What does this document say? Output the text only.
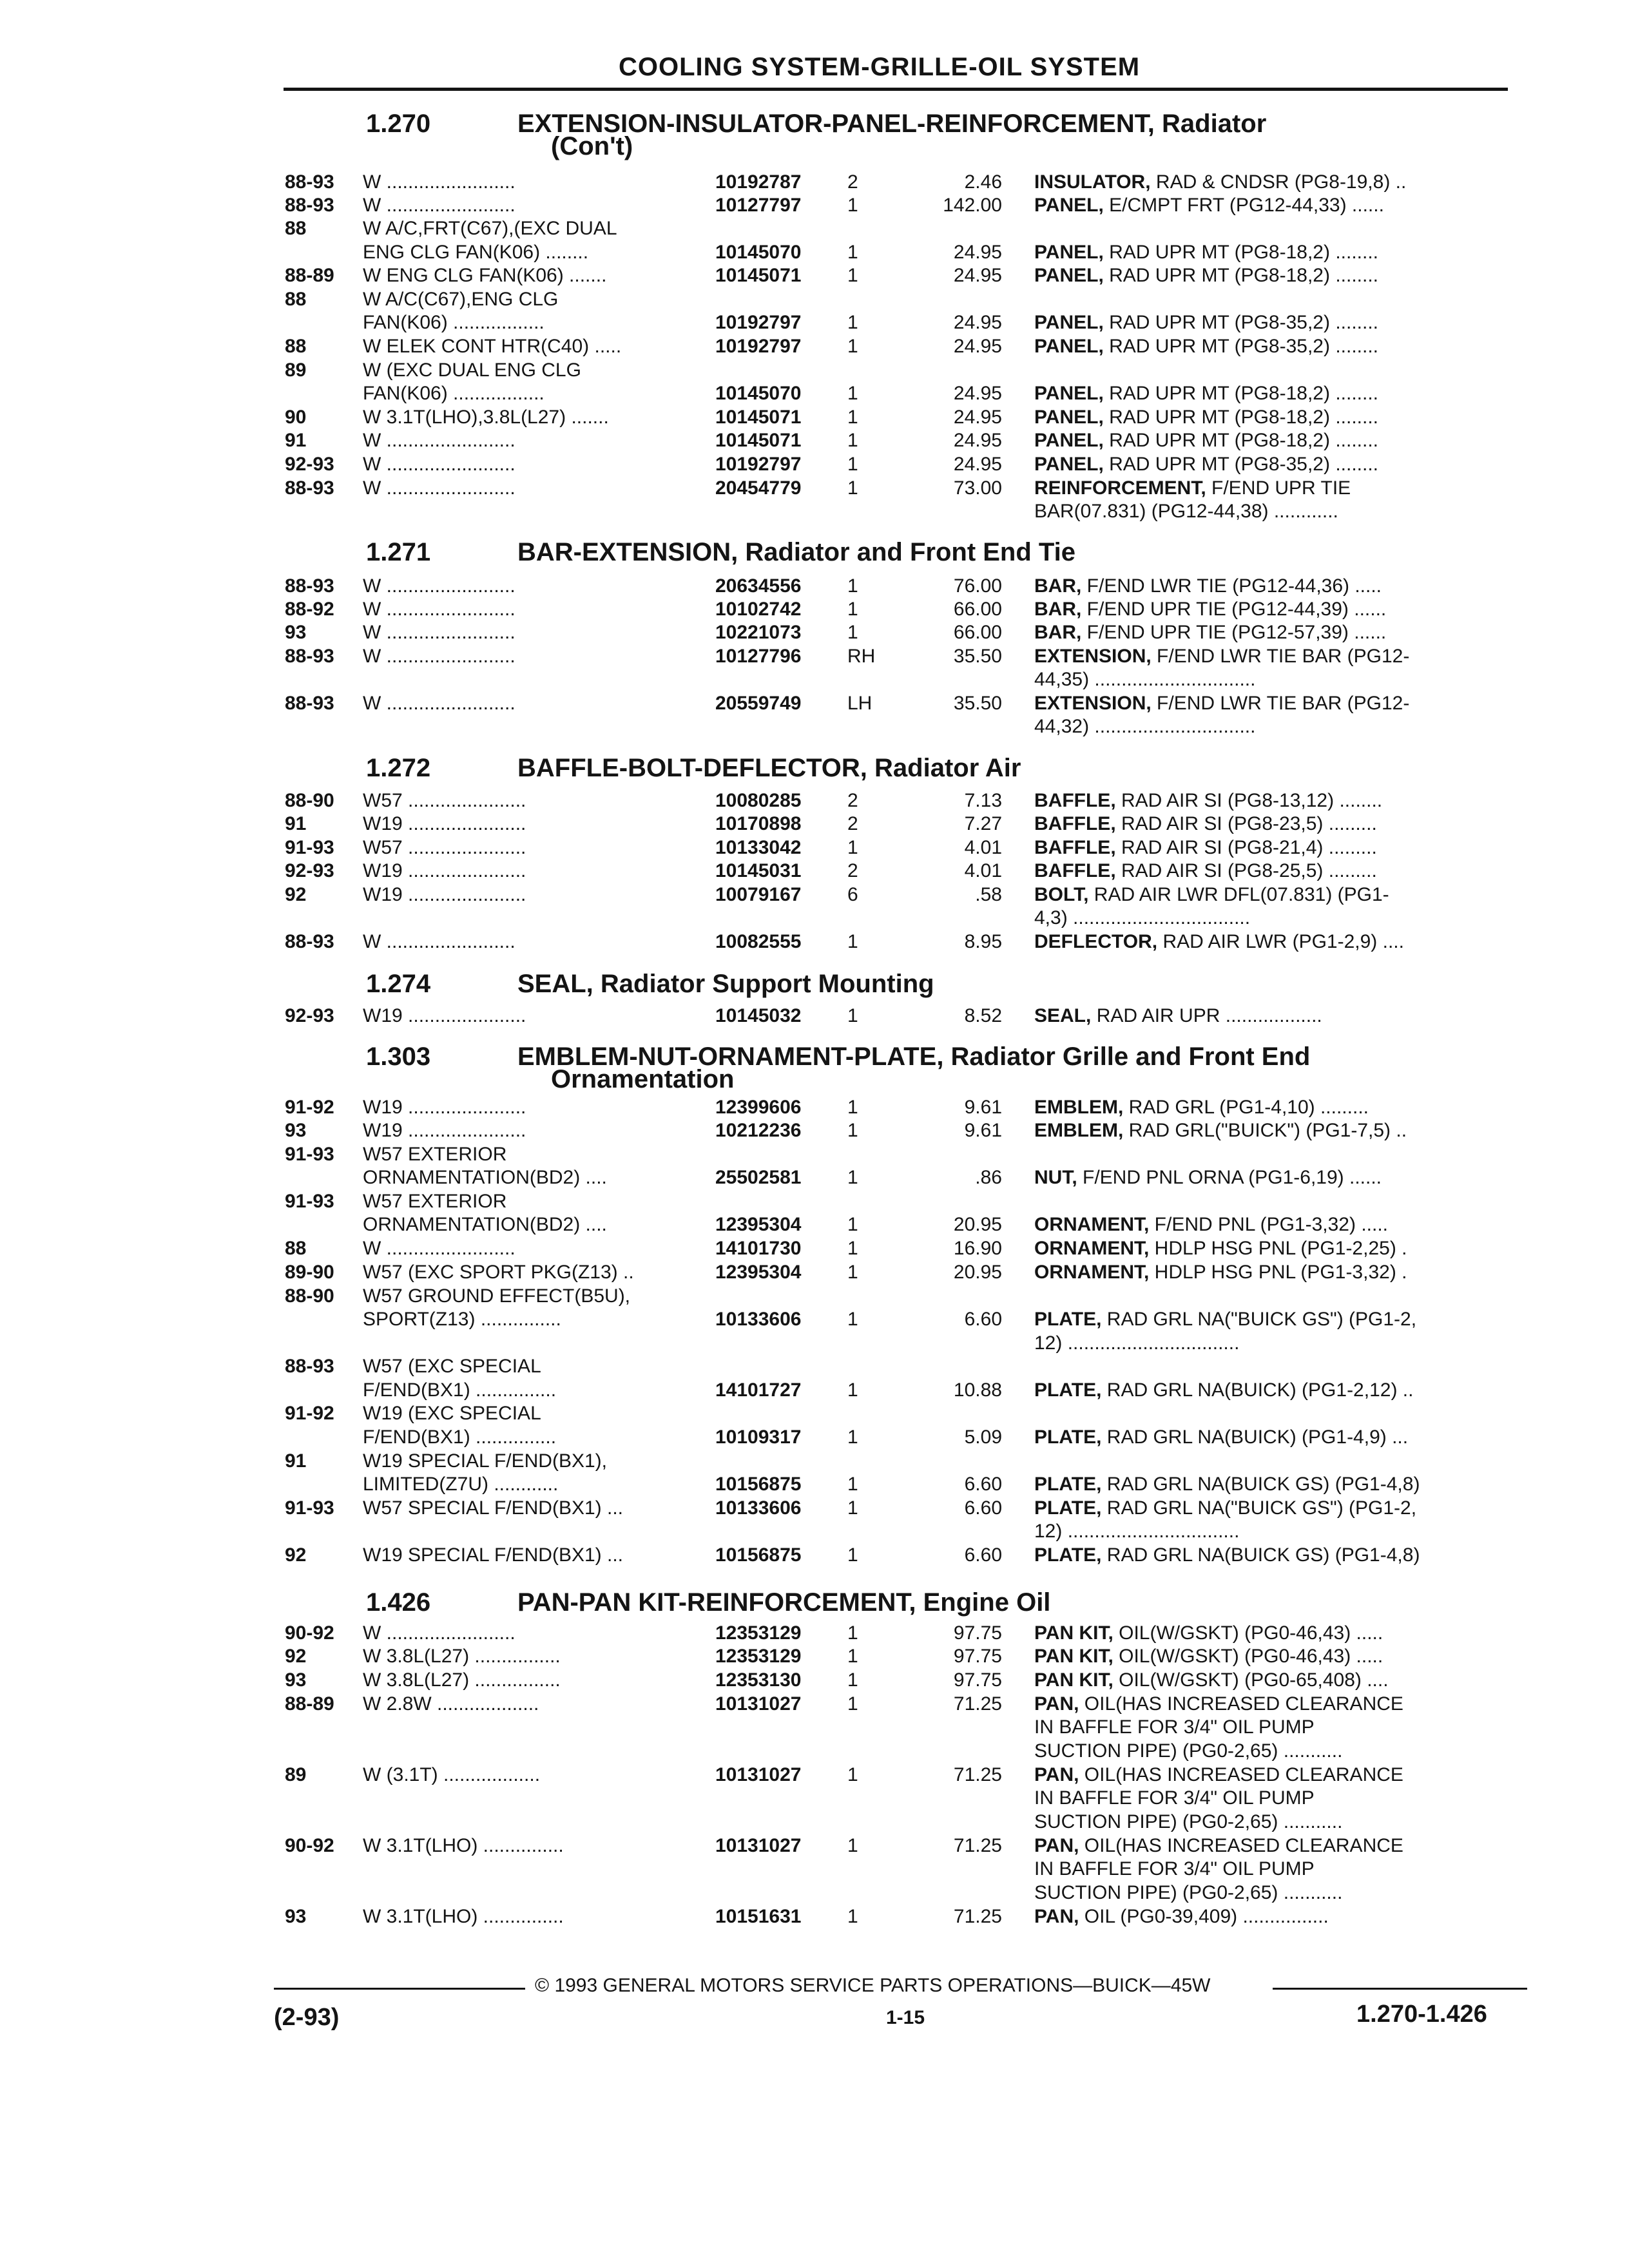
COOLING SYSTEM-GRILLE-OIL SYSTEM
1.270	EXTENSION-INSULATOR-PANEL-REINFORCEMENT, Radiator
(Con't)
1.271	BAR-EXTENSION, Radiator and Front End Tie
1.272	BAFFLE-BOLT-DEFLECTOR, Radiator Air
1.274	SEAL, Radiator Support Mounting
1.303	EMBLEM-NUT-ORNAMENT-PLATE, Radiator Grille and Front End
Ornamentation
1.426	PAN-PAN KIT-REINFORCEMENT, Engine Oil
88-93 W ........................	10192787 2	2.46 INSULATOR, RAD & CNDSR (PG8-19,8) ..
88-93 W ........................	10127797 1	142.00 PANEL, E/CMPT FRT (PG12-44,33) ......
88	W A/C,FRT(C67),(EXC DUAL
ENG CLG FAN(K06) ........	10145070 1	24.95 PANEL, RAD UPR MT (PG8-18,2) ........
88-89 W ENG CLG FAN(K06) .......	10145071 1	24.95 PANEL, RAD UPR MT (PG8-18,2) ........
88	W A/C(C67),ENG CLG
FAN(K06) .................	10192797 1	24.95 PANEL, RAD UPR MT (PG8-35,2) ........
88	W ELEK CONT HTR(C40) .....	10192797 1	24.95 PANEL, RAD UPR MT (PG8-35,2) ........
89	W (EXC DUAL ENG CLG
FAN(K06) .................	10145070 1	24.95 PANEL, RAD UPR MT (PG8-18,2) ........
90	W 3.1T(LHO),3.8L(L27) .......	10145071 1	24.95 PANEL, RAD UPR MT (PG8-18,2) ........
91	W ........................	10145071 1	24.95 PANEL, RAD UPR MT (PG8-18,2) ........
92-93 W ........................	10192797 1	24.95 PANEL, RAD UPR MT (PG8-35,2) ........
88-93 W ........................	20454779 1	73.00 REINFORCEMENT, F/END UPR TIE
BAR(07.831) (PG12-44,38) ............
88-93 W ........................	20634556 1	76.00 BAR, F/END LWR TIE (PG12-44,36) .....
88-92 W ........................	10102742 1	66.00 BAR, F/END UPR TIE (PG12-44,39) ......
93	W ........................	10221073 1	66.00 BAR, F/END UPR TIE (PG12-57,39) ......
88-93 W ........................	10127796 RH	35.50 EXTENSION, F/END LWR TIE BAR (PG12-
44,35) ..............................
88-93 W ........................	20559749 LH	35.50 EXTENSION, F/END LWR TIE BAR (PG12-
44,32) ..............................
88-90 W57 ......................	10080285 2	7.13 BAFFLE, RAD AIR SI (PG8-13,12) ........
91	W19 ......................	10170898 2	7.27 BAFFLE, RAD AIR SI (PG8-23,5) .........
91-93 W57 ......................	10133042 1	4.01 BAFFLE, RAD AIR SI (PG8-21,4) .........
92-93 W19 ......................	10145031 2	4.01 BAFFLE, RAD AIR SI (PG8-25,5) .........
92	W19 ......................	10079167 6	.58 BOLT, RAD AIR LWR DFL(07.831) (PG1-
4,3) .................................
88-93 W ........................	10082555 1	8.95 DEFLECTOR, RAD AIR LWR (PG1-2,9) ....
92-93 W19 ......................	10145032 1	8.52 SEAL, RAD AIR UPR ..................
91-92 W19 ......................	12399606 1	9.61 EMBLEM, RAD GRL (PG1-4,10) .........
93	W19 ......................	10212236 1	9.61 EMBLEM, RAD GRL("BUICK") (PG1-7,5) ..
91-93 W57 EXTERIOR
ORNAMENTATION(BD2) ....	25502581 1	.86 NUT, F/END PNL ORNA (PG1-6,19) ......
91-93 W57 EXTERIOR
ORNAMENTATION(BD2) ....	12395304 1	20.95 ORNAMENT, F/END PNL (PG1-3,32) .....
88	W ........................	14101730 1	16.90 ORNAMENT, HDLP HSG PNL (PG1-2,25) .
89-90 W57 (EXC SPORT PKG(Z13) ..	12395304 1	20.95 ORNAMENT, HDLP HSG PNL (PG1-3,32) .
88-90 W57 GROUND EFFECT(B5U),
SPORT(Z13) ...............	10133606 1	6.60 PLATE, RAD GRL NA("BUICK GS") (PG1-2,
12) ................................
88-93 W57 (EXC SPECIAL
F/END(BX1) ...............	14101727 1	10.88 PLATE, RAD GRL NA(BUICK) (PG1-2,12) ..
91-92 W19 (EXC SPECIAL
F/END(BX1) ...............	10109317 1	5.09 PLATE, RAD GRL NA(BUICK) (PG1-4,9) ...
91	W19 SPECIAL F/END(BX1),
LIMITED(Z7U) ............	10156875 1	6.60 PLATE, RAD GRL NA(BUICK GS) (PG1-4,8)
91-93 W57 SPECIAL F/END(BX1) ...	10133606 1	6.60 PLATE, RAD GRL NA("BUICK GS") (PG1-2,
12) ................................
92	W19 SPECIAL F/END(BX1) ...	10156875 1	6.60 PLATE, RAD GRL NA(BUICK GS) (PG1-4,8)
90-92 W ........................	12353129 1	97.75 PAN KIT, OIL(W/GSKT) (PG0-46,43) .....
92	W 3.8L(L27) ................	12353129 1	97.75 PAN KIT, OIL(W/GSKT) (PG0-46,43) .....
93	W 3.8L(L27) ................	12353130 1	97.75 PAN KIT, OIL(W/GSKT) (PG0-65,408) ....
88-89 W 2.8W ...................	10131027 1	71.25 PAN, OIL(HAS INCREASED CLEARANCE
IN BAFFLE FOR 3/4" OIL PUMP
SUCTION PIPE) (PG0-2,65) ...........
89	W (3.1T) ..................	10131027 1	71.25 PAN, OIL(HAS INCREASED CLEARANCE
IN BAFFLE FOR 3/4" OIL PUMP
SUCTION PIPE) (PG0-2,65) ...........
90-92 W 3.1T(LHO) ...............	10131027 1	71.25 PAN, OIL(HAS INCREASED CLEARANCE
IN BAFFLE FOR 3/4" OIL PUMP
SUCTION PIPE) (PG0-2,65) ...........
93	W 3.1T(LHO) ...............	10151631 1	71.25 PAN, OIL (PG0-39,409) ................
© 1993 GENERAL MOTORS SERVICE PARTS OPERATIONS—BUICK—45W
(2-93)	1-15	1.270-1.426
